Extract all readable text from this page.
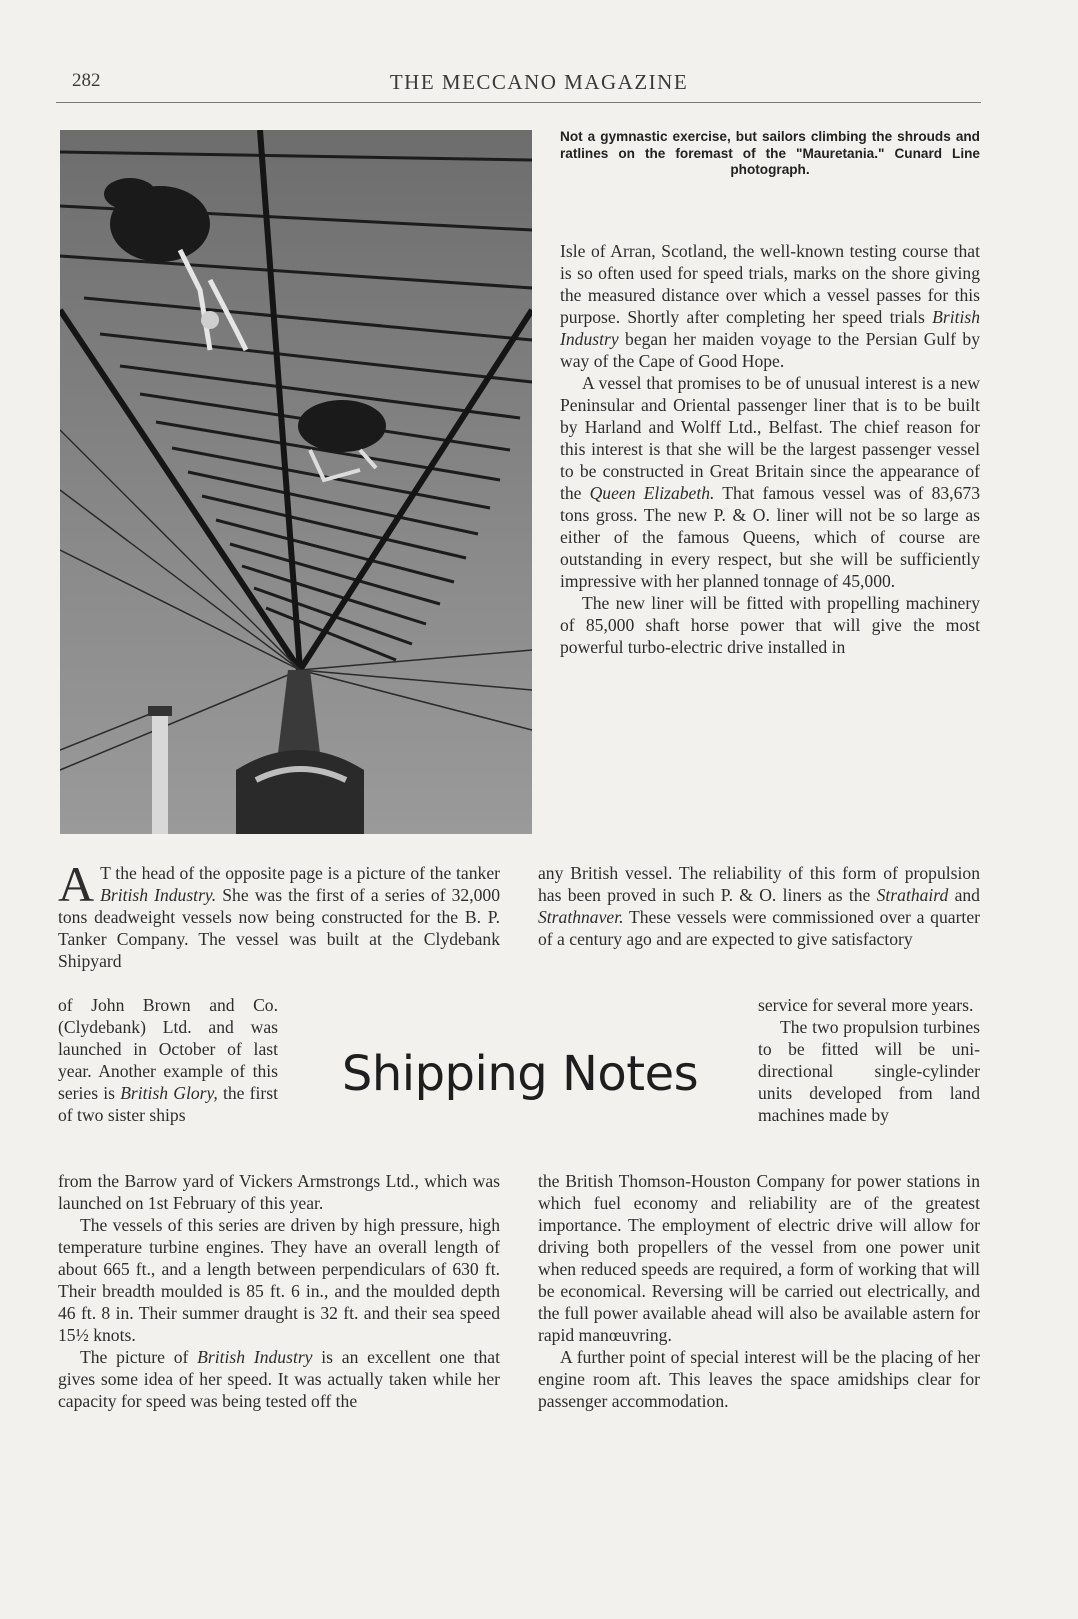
282	THE MECCANO MAGAZINE
Not a gymnastic exercise, but sailors climbing the shrouds and ratlines on the foremast of the "Mauretania." Cunard Line photograph.

Isle of Arran, Scotland, the well-known testing course that is so often used for speed trials, marks on the shore giving the measured distance over which a vessel passes for this purpose. Shortly after completing her speed trials British Industry began her maiden voyage to the Persian Gulf by way of the Cape of Good Hope.

A vessel that promises to be of unusual interest is a new Peninsular and Oriental passenger liner that is to be built by Harland and Wolff Ltd., Belfast. The chief reason for this interest is that she will be the largest passenger vessel to be constructed in Great Britain since the appearance of the Queen Elizabeth. That famous vessel was of 83,673 tons gross. The new P. & O. liner will not be so large as either of the famous Queens, which of course are outstanding in every respect, but she will be sufficiently impressive with her planned tonnage of 45,000.

The new liner will be fitted with propelling machinery of 85,000 shaft horse power that will give the most powerful turbo-electric drive installed in

A T the head of the opposite page is a picture of the tanker British Industry. She was the first of a series of 32,000 tons deadweight vessels now being constructed for the B. P. Tanker Company. The vessel was built at the Clydebank Shipyard

any British vessel. The reliability of this form of propulsion has been proved in such P. & O. liners as the Strathaird and Strathnaver. These vessels were commissioned over a quarter of a century ago and are expected to give satisfactory

of John Brown and Co. (Clydebank) Ltd. and was launched in October of last year. Another example of this series is British Glory, the first of two sister ships

Shipping Notes

service for several more years.

The two propulsion turbines to be fitted will be uni-directional single-cylinder units developed from land machines made by

from the Barrow yard of Vickers Armstrongs Ltd., which was launched on 1st February of this year.

The vessels of this series are driven by high pressure, high temperature turbine engines. They have an overall length of about 665 ft., and a length between perpendiculars of 630 ft. Their breadth moulded is 85 ft. 6 in., and the moulded depth 46 ft. 8 in. Their summer draught is 32 ft. and their sea speed 15½ knots.

The picture of British Industry is an excellent one that gives some idea of her speed. It was actually taken while her capacity for speed was being tested off the

the British Thomson-Houston Company for power stations in which fuel economy and reliability are of the greatest importance. The employment of electric drive will allow for driving both propellers of the vessel from one power unit when reduced speeds are required, a form of working that will be economical. Reversing will be carried out electrically, and the full power available ahead will also be available astern for rapid manœuvring.

A further point of special interest will be the placing of her engine room aft. This leaves the space amidships clear for passenger accommodation.
